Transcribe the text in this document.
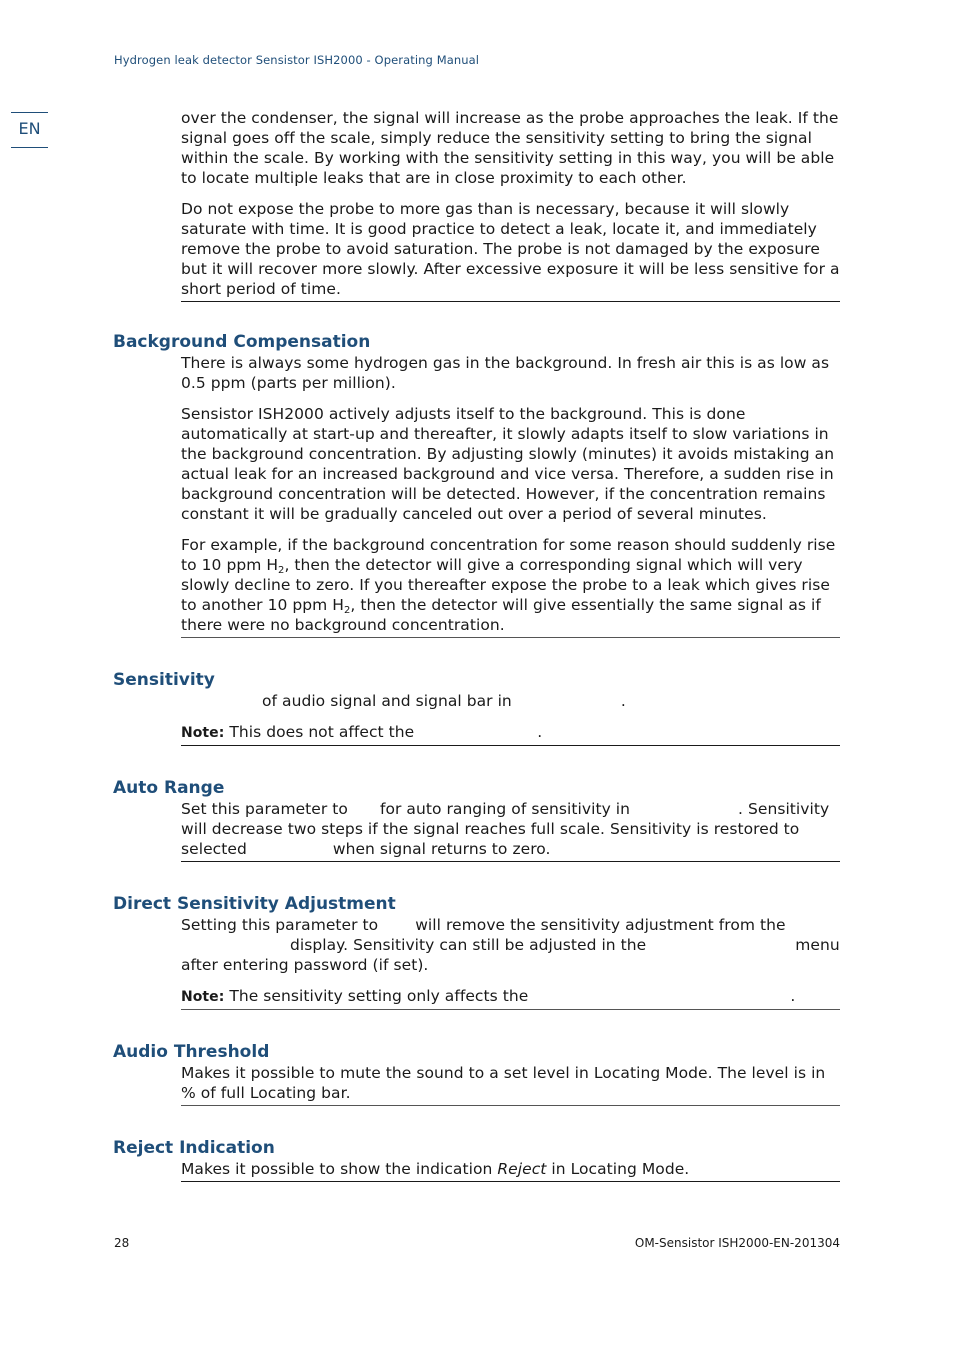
Hydrogen leak detector Sensistor ISH2000 - Operating Manual
EN

over the condenser, the signal will increase as the probe approaches the leak. If the signal goes off the scale, simply reduce the sensitivity setting to bring the signal within the scale. By working with the sensitivity setting in this way, you will be able to locate multiple leaks that are in close proximity to each other.

Do not expose the probe to more gas than is necessary, because it will slowly saturate with time. It is good practice to detect a leak, locate it, and immediately remove the probe to avoid saturation. The probe is not damaged by the exposure but it will recover more slowly. After excessive exposure it will be less sensitive for a short period of time.

Background Compensation

There is always some hydrogen gas in the background. In fresh air this is as low as 0.5 ppm (parts per million).

Sensistor ISH2000 actively adjusts itself to the background. This is done automatically at start-up and thereafter, it slowly adapts itself to slow variations in the background concentration. By adjusting slowly (minutes) it avoids mistaking an actual leak for an increased background and vice versa. Therefore, a sudden rise in background concentration will be detected. However, if the concentration remains constant it will be gradually canceled out over a period of several minutes.

For example, if the background concentration for some reason should suddenly rise to 10 ppm $H_2$, then the detector will give a corresponding signal which will very slowly decline to zero. If you thereafter expose the probe to a leak which gives rise to another 10 ppm $H_2$, then the detector will give essentially the same signal as if there were no background concentration.

Sensitivity

of audio signal and signal bar in	.

Note: This does not affect the	.

Auto Range

Set this parameter to for auto ranging of sensitivity in	. Sensitivity will decrease two steps if the signal reaches full scale. Sensitivity is restored to selected	when signal returns to zero.

Direct Sensitivity Adjustment

Setting this parameter to will remove the sensitivity adjustment from the
display. Sensitivity can still be adjusted in the	menu after entering password (if set).

Note: The sensitivity setting only affects the	.

Audio Threshold

Makes it possible to mute the sound to a set level in Locating Mode. The level is in % of full Locating bar.

Reject Indication

Makes it possible to show the indication Reject in Locating Mode.

28	OM-Sensistor ISH2000-EN-201304
